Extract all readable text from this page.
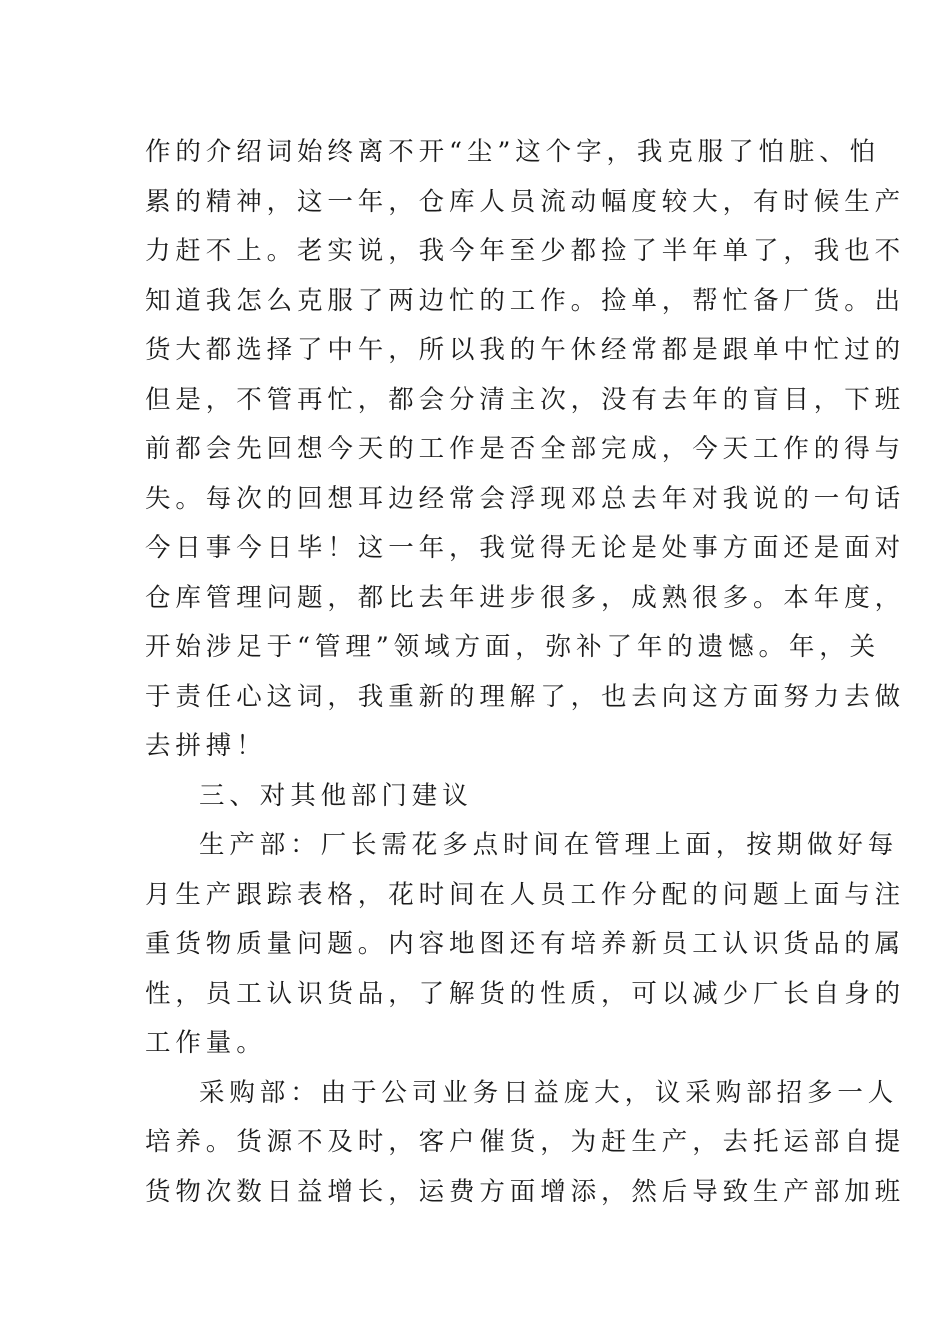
作的介绍词始终离不开“尘”这个字，我克服了怕脏、怕
累的精神，这一年，仓库人员流动幅度较大，有时候生产
力赶不上。老实说，我今年至少都捡了半年单了，我也不
知道我怎么克服了两边忙的工作。捡单，帮忙备厂货。出
货大都选择了中午，所以我的午休经常都是跟单中忙过的
但是，不管再忙，都会分清主次，没有去年的盲目，下班
前都会先回想今天的工作是否全部完成，今天工作的得与
失。每次的回想耳边经常会浮现邓总去年对我说的一句话
今日事今日毕！这一年，我觉得无论是处事方面还是面对
仓库管理问题，都比去年进步很多，成熟很多。本年度，
开始涉足于“管理”领域方面，弥补了年的遗憾。年，关
于责任心这词，我重新的理解了，也去向这方面努力去做
去拼搏！
三、对其他部门建议
生产部：厂长需花多点时间在管理上面，按期做好每
月生产跟踪表格，花时间在人员工作分配的问题上面与注
重货物质量问题。内容地图还有培养新员工认识货品的属
性，员工认识货品，了解货的性质，可以减少厂长自身的
工作量。
采购部：由于公司业务日益庞大，议采购部招多一人
培养。货源不及时，客户催货，为赶生产，去托运部自提
货物次数日益增长，运费方面增添，然后导致生产部加班
